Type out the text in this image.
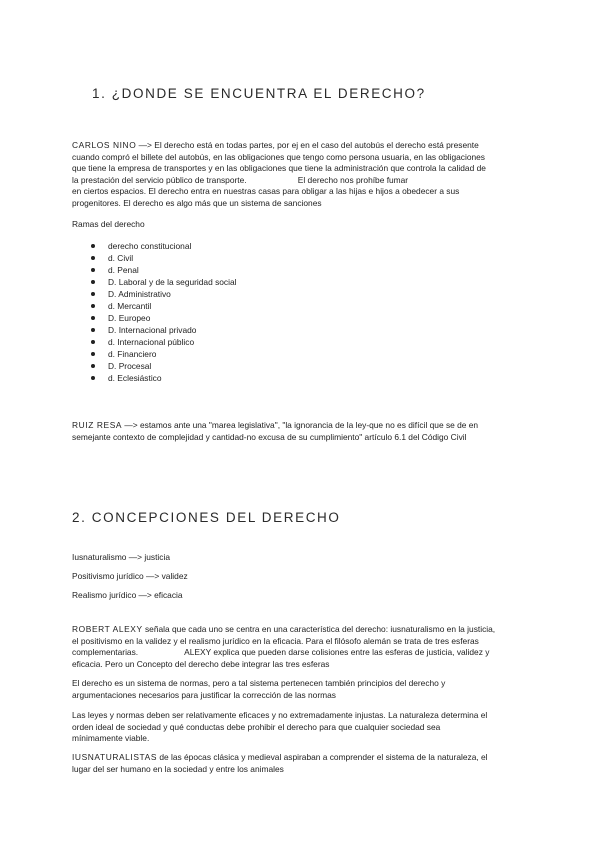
1. ¿DONDE SE ENCUENTRA EL DERECHO?
CARLOS NINO —> El derecho está en todas partes, por ej en el caso del autobús el derecho está presente
cuando compró el billete del autobús, en las obligaciones que tengo como persona usuaria, en las obligaciones
que tiene la empresa de transportes y en las obligaciones que tiene la administración que controla la calidad de
la prestación del servicio público de transporte.                      El derecho nos prohíbe fumar
en ciertos espacios. El derecho entra en nuestras casas para obligar a las hijas e hijos a obedecer a sus
progenitores. El derecho es algo más que un sistema de sanciones

Ramas del derecho

derecho constitucional
d. Civil
d. Penal
D. Laboral y de la seguridad social
D. Administrativo
d. Mercantil
D. Europeo
D. Internacional privado
d. Internacional público
d. Financiero
D. Procesal
d. Eclesiástico
RUIZ RESA —> estamos ante una "marea legislativa", "la ignorancia de la ley-que no es difícil que se de en
semejante contexto de complejidad y cantidad-no excusa de su cumplimiento" artículo 6.1 del Código Civil
2. CONCEPCIONES DEL DERECHO

Iusnaturalismo —> justicia

Positivismo jurídico —> validez

Realismo jurídico —> eficacia

ROBERT ALEXY señala que cada uno se centra en una característica del derecho: iusnaturalismo en la justicia,
el positivismo en la validez y el realismo jurídico en la eficacia. Para el filósofo alemán se trata de tres esferas
complementarias.                    ALEXY explica que pueden darse colisiones entre las esferas de justicia, validez y
eficacia. Pero un Concepto del derecho debe integrar las tres esferas
El derecho es un sistema de normas, pero a tal sistema pertenecen también principios del derecho y
argumentaciones necesarios para justificar la corrección de las normas
Las leyes y normas deben ser relativamente eficaces y no extremadamente injustas. La naturaleza determina el
orden ideal de sociedad y qué conductas debe prohibir el derecho para que cualquier sociedad sea
mínimamente viable.
IUSNATURALISTAS de las épocas clásica y medieval aspiraban a comprender el sistema de la naturaleza, el
lugar del ser humano en la sociedad y entre los animales
